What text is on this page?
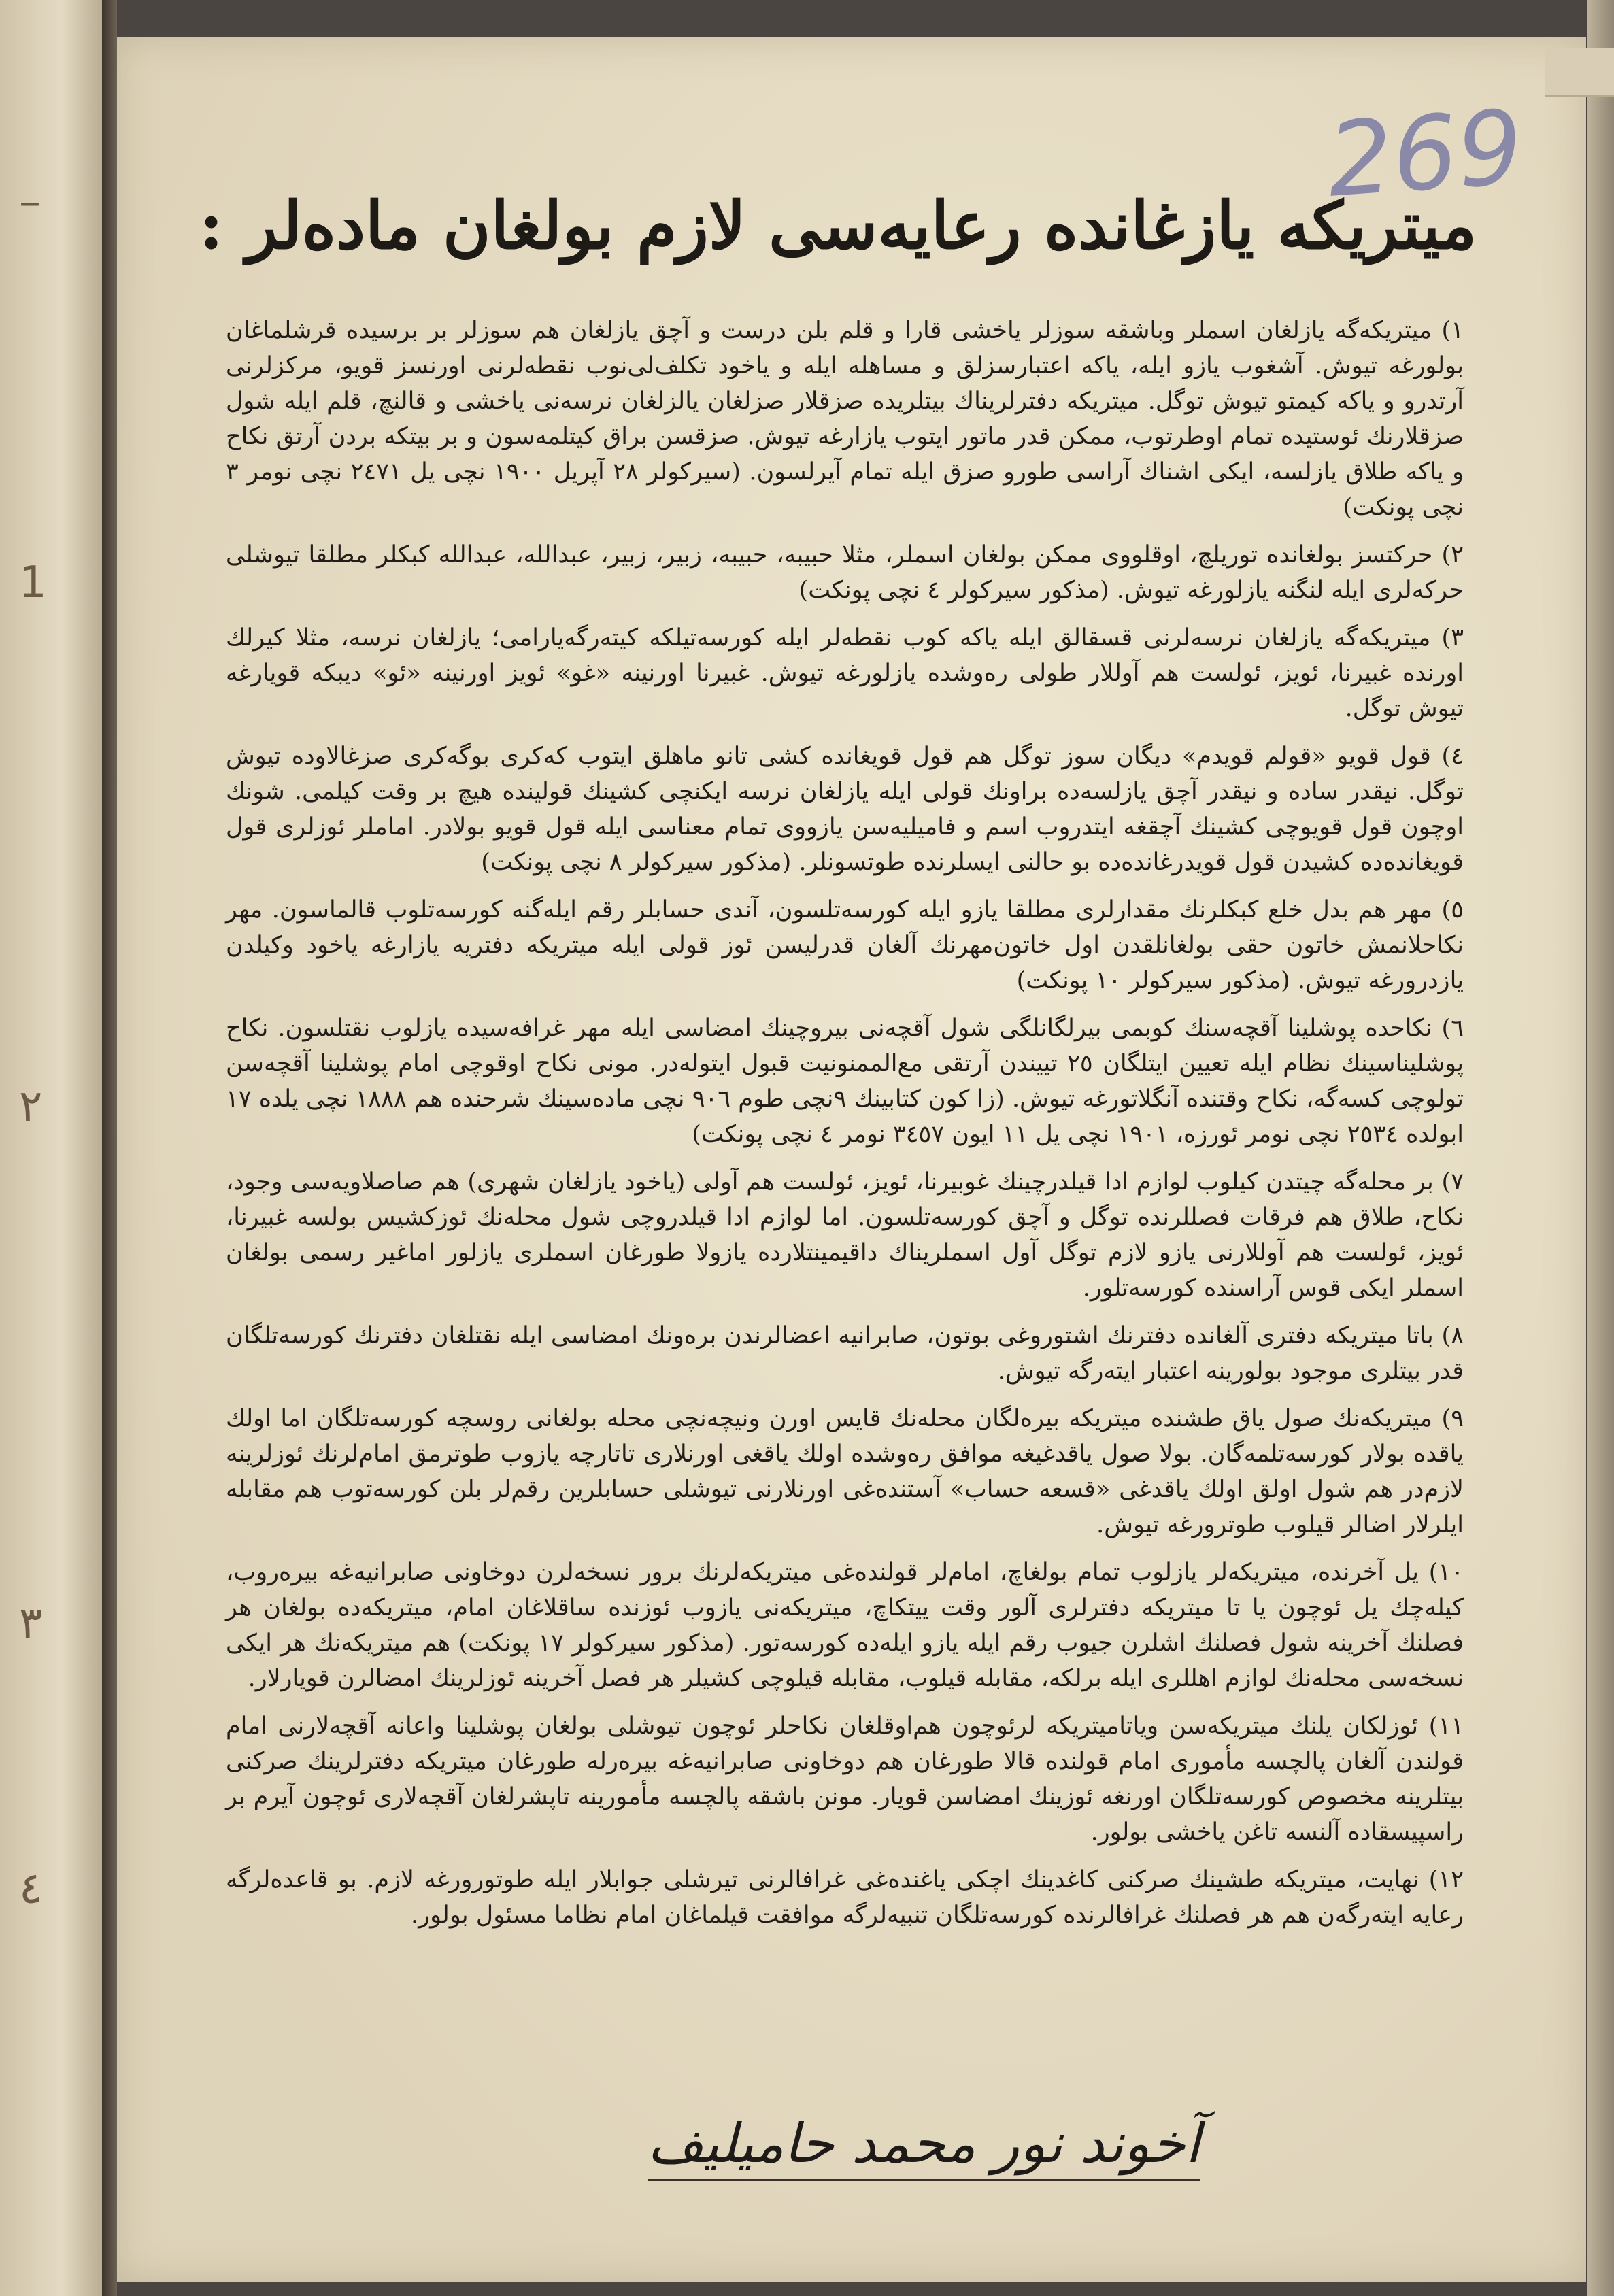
–
1
٢
٣
٤
269
ميتريكه يازغانده رعايه‌سى لازم بولغان ماده‌لر :

١) ميتريكه‌گه يازلغان اسملر وباشقه سوزلر ياخشى قارا و قلم بلن درست و آچق يازلغان هم سوزلر بر برسيده قرشلماغان بولورغه تيوش. آشغوب يازو ايله، ياكه اعتبارسزلق و مساهله ايله و ياخود تكلف‌لى‌نوب نقطه‌لرنى اورنسز قويو، مركزلرنى آرتدرو و ياكه كيمتو تيوش توگل. ميتريكه دفترلريناك بيتلريده صزقلار صزلغان يالزلغان نرسه‌نى ياخشى و قالنچ، قلم ايله شول صزقلارنك ئوستيده تمام اوطرتوب، ممكن قدر ماتور ايتوب يازارغه تيوش. صزقسن براق كيتلمه‌سون و بر بيتكه بردن آرتق نكاح و ياكه طلاق يازلسه، ايكى اشناك آراسى طورو صزق ايله تمام آيرلسون. (سيركولر ٢٨ آپريل ١٩٠٠ نچى يل ٢٤٧١ نچى نومر ٣ نچى پونكت)

٢) حركتسز بولغانده‌ توريلچ، اوقلووى ممكن بولغان اسملر، مثلا حبيبه، حبيبه، زبير، زبير، عبدالله، عبدالله كبكلر مطلقا تيوشلى حركه‌لرى ايله‌ لنگنه يازلورغه تيوش. (مذكور سيركولر ٤ نچى پونكت)

٣) ميتريكه‌گه يازلغان نرسه‌لرنى قسقالق ايله ياكه كوب نقطه‌لر ايله كورسه‌تيلكه كيته‌رگه‌يارامى؛ يازلغان نرسه، مثلا كيرلك اورنده غبيرنا، ئويز، ئولست هم آوللار طولى ره‌وشده يازلورغه تيوش. غبيرنا اورنينه «غو» ئويز اورنينه «ئو» ديبكه قويارغه تيوش توگل.

٤) قول قويو «قولم قويدم» ديگان سوز توگل هم قول قويغانده كشى تانو ماهلق ايتوب كه‌كرى بوگه‌كرى صزغالاوده تيوش توگل. نيقدر ساده و نيقدر آچق يازلسه‌ده براونك قولى ايله يازلغان نرسه ايكنچى كشينك قولينده هيچ بر وقت كيلمى. شونك اوچون قول قويوچى كشينك آچقغه ايتدروب اسم و فاميليه‌سن يازووى تمام معناسى ايله قول قويو بولادر. اما‌ملر ئوزلرى قول قويغانده‌ده كشيدن قول قويدرغانده‌ده بو حالنى ايسلرنده طوتسونلر. (مذكور سيركولر ٨ نچى پونكت)

٥) مهر هم بدل خلع كبكلرنك مقدارلرى مطلقا يازو ايله كورسه‌تلسون، آندى حسابلر رقم ايله‌گنه كورسه‌تلوب قالماسون. مهر نكاحلانمش خاتون حقى بولغانلقدن اول خاتون‌مهرنك آلغان قدرليسن ئوز قولى ايله ميتريكه دفتريه يازارغه ياخود وكيلدن يازدرورغه تيوش. (مذكور سيركولر ١٠ پونكت)

٦) نكاحده پوشلينا آقچه‌سنك كوبمى بيرلگانلگى شول آقچه‌نى بيروچينك امضاسى ايله مهر غرافه‌سيده يازلوب نقتلسون. نكاح پوشليناسينك نظام ايله تعيين ايتلگان ٢٥ تييندن آرتقى مع‌الممنونيت قبول ايتوله‌در. مونى نكاح اوقوچى امام پوشلينا آقچه‌سن تولوچى كسه‌گه، نكاح وقتنده آنگلاتورغه تيوش. (زا كون كتابينك ٩نچى طوم ٩٠٦ نچى ماده‌سينك شرحنده هم ١٨٨٨ نچى يلده ١٧ ابولده ٢٥٣٤ نچى نومر ئورزه، ١٩٠١ نچى يل ١١ ايون ٣٤٥٧ نومر ٤ نچى پونكت)

٧) بر محله‌گه چيتدن كيلوب لوازم ادا قيلدرچينك غوبيرنا، ئويز، ئولست هم آولى (ياخود يازلغان شهرى) هم صاصلاويه‌سى وجود، نكاح، طلاق هم فرقات فصللرنده توگل و آچق كورسه‌تلسون. اما لوازم ادا قيلدروچى شول محله‌نك ئوزكشيس بولسه غبيرنا، ئويز، ئولست هم آوللارنى يازو لازم توگل آول اسملريناك داقيمينتلارده يازولا طورغان اسملرى يازلور اماغير رسمى بولغان اسملر ايكى قوس آراسنده كورسه‌تلور.

٨) باتا ميتريكه دفترى آلغانده دفترنك اشتوروغى بوتون، صابرانيه اعضالرندن بره‌ونك امضاسى ايله نقتلغان دفترنك كورسه‌تلگان قدر بيتلرى موجود بولورينه اعتبار ايته‌رگه تيوش.

٩) ميتريكه‌نك صول ياق طشنده ميتريكه بيره‌لگان محله‌نك قايس اورن ونيچه‌نچى محله بولغانى روسچه كورسه‌تلگان اما اولك ياقده بولار كورسه‌تلمه‌گان. بولا صول ياقدغيغه موافق ره‌وشده اولك ياقغى اورنلارى تاتارچه يازوب طوترمق امام‌لرنك ئوزلرينه لازم‌در هم شول اولق اولك ياقدغى «قسعه حساب» آستنده‌غى اورنلارنى تيوشلى حسابلرين رقم‌لر بلن كورسه‌توب هم مقابله ايلرلار اضالر قيلوب طوترورغه تيوش.

١٠) يل آخرنده، ميتريكه‌لر يازلوب تمام بولغاچ، امام‌لر قولنده‌غى ميتريكه‌لرنك بر‌ور نسخه‌لرن دوخاونى صابرانيه‌غه بيره‌روب، كيله‌چك يل ئوچون يا تا ميتريكه دفترلرى آلور وقت ييتكاچ، ميتريكه‌نى يازوب ئوزنده ساقلاغان امام، ميتريكه‌ده بولغان هر فصلنك آخرينه شول فصلنك اشلرن جيوب رقم ايله يازو ايله‌ده كورسه‌تور. (مذكور سيركولر ١٧ پونكت) هم ميتريكه‌نك هر ايكى نسخه‌سى محله‌نك لوازم اهللرى ايله برلكه، مقابله قيلوب، مقابله قيلوچى كشيلر هر فصل آخرينه ئوزلرينك امضالرن قويارلار.

١١) ئوزلكان يلنك ميتريكه‌سن وياتاميتريكه لرئوچون هم‌اوقلغان نكاحلر ئوچون تيوشلى بولغان پوشلينا واعانه آقچه‌لارنى امام قولندن آلغان پالچسه مأمورى امام قولنده قالا طورغان هم دوخاونى صابرانيه‌غه بيره‌رله طورغان ميتريكه دفترلرينك صركنى بيتلرينه مخصوص كورسه‌تلگان اورنغه ئوزينك امضاسن قويار. مونن باشقه‌ پالچسه مأمورينه تاپشرلغان آقچه‌لارى ئوچون آيرم بر راسپيسقاده آلنسه تاغن ياخشى بولور.

١٢) نهايت، ميتريكه طشينك صركنى كاغدينك اچكى ياغنده‌غى غرافالرنى تيرشلى جوابلار ايله طوتورورغه لازم. بو قاعده‌لرگه رعايه ايته‌رگه‌ن هم هر فصلنك غرافالرنده كورسه‌تلگان تنبيه‌لرگه موافقت قيلماغان امام نظاما مسئول بولور.

آخوند نور محمد حاميليف
